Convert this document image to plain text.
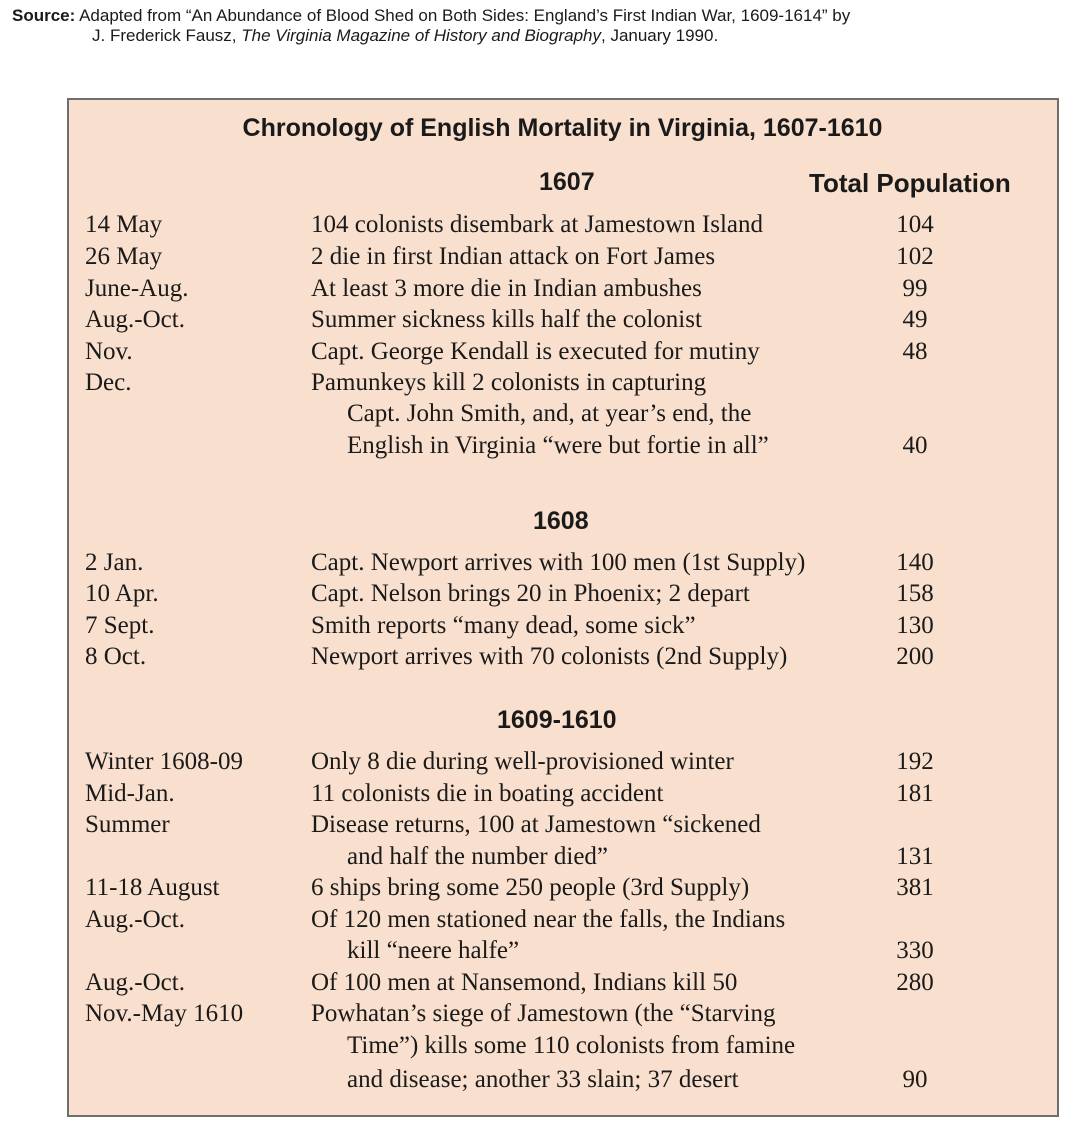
Source: Adapted from “An Abundance of Blood Shed on Both Sides: England’s First Indian War, 1609-1614” by
J. Frederick Fausz, The Virginia Magazine of History and Biography, January 1990.
Chronology of English Mortality in Virginia, 1607-1610
Total Population
1607
14 May	104 colonists disembark at Jamestown Island	104
26 May	2 die in first Indian attack on Fort James	102
June-Aug.	At least 3 more die in Indian ambushes	99
Aug.-Oct.	Summer sickness kills half the colonist	49
Nov.	Capt. George Kendall is executed for mutiny	48
Dec.	Pamunkeys kill 2 colonists in capturing
Capt. John Smith, and, at year’s end, the
English in Virginia “were but fortie in all”	40
1608
2 Jan.	Capt. Newport arrives with 100 men (1st Supply)	140
10 Apr.	Capt. Nelson brings 20 in Phoenix; 2 depart	158
7 Sept.	Smith reports “many dead, some sick”	130
8 Oct.	Newport arrives with 70 colonists (2nd Supply)	200
1609-1610
Winter 1608-09	Only 8 die during well-provisioned winter	192
Mid-Jan.	11 colonists die in boating accident	181
Summer	Disease returns, 100 at Jamestown “sickened
and half the number died”	131
11-18 August	6 ships bring some 250 people (3rd Supply)	381
Aug.-Oct.	Of 120 men stationed near the falls, the Indians
kill “neere halfe”	330
Aug.-Oct.	Of 100 men at Nansemond, Indians kill 50	280
Nov.-May 1610	Powhatan’s siege of Jamestown (the “Starving
Time”) kills some 110 colonists from famine
and disease; another 33 slain; 37 desert	90
